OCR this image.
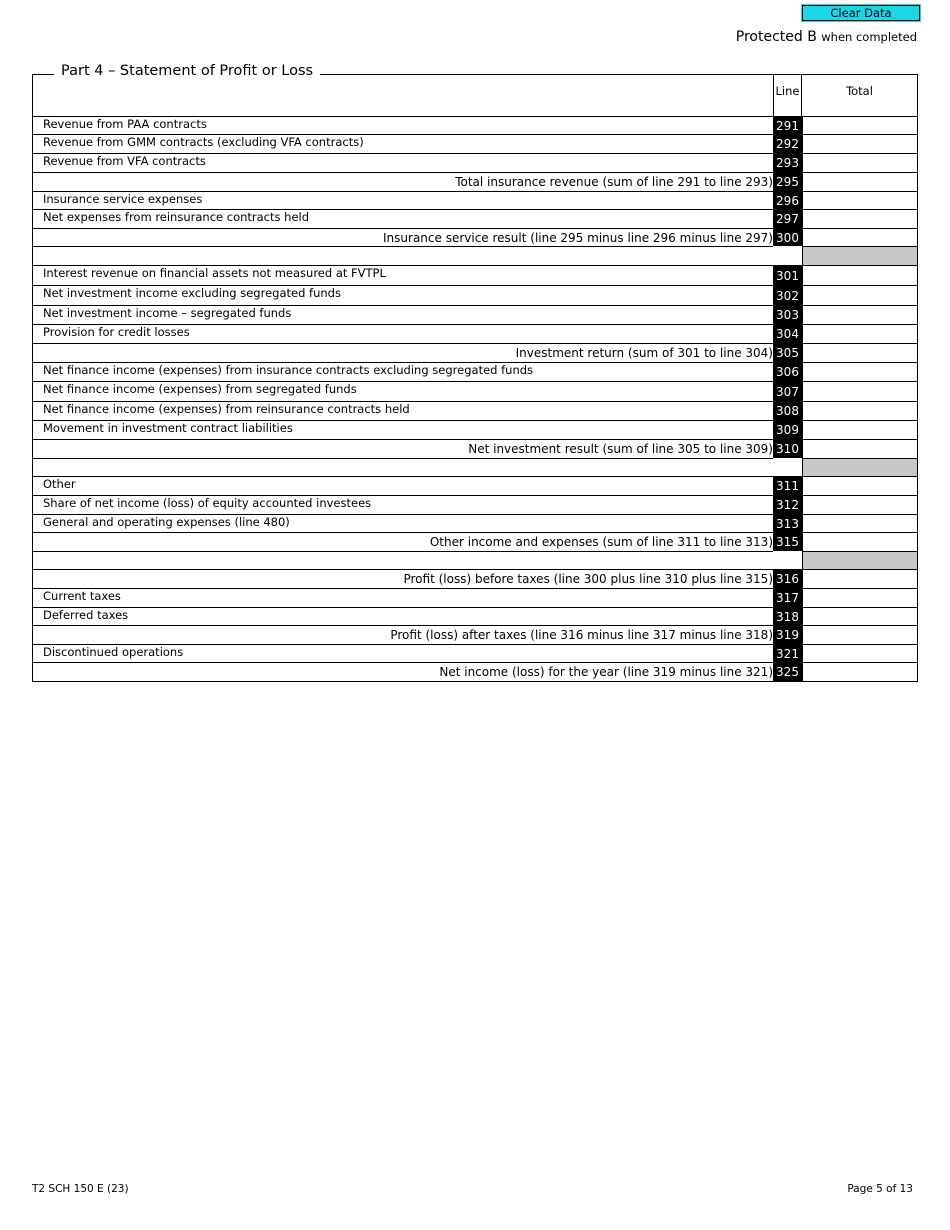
Clear Data
Protected B when completed
Part 4 – Statement of Profit or Loss
Line	Total
Revenue from PAA contracts	291
Revenue from GMM contracts (excluding VFA contracts)	292
Revenue from VFA contracts	293
Total insurance revenue (sum of line 291 to line 293) 295
Insurance service expenses	296
Net expenses from reinsurance contracts held	297
Insurance service result (line 295 minus line 296 minus line 297) 300
Interest revenue on financial assets not measured at FVTPL	301
Net investment income excluding segregated funds	302
Net investment income – segregated funds	303
Provision for credit losses	304
Investment return (sum of 301 to line 304) 305
Net finance income (expenses) from insurance contracts excluding segregated funds	306
Net finance income (expenses) from segregated funds	307
Net finance income (expenses) from reinsurance contracts held	308
Movement in investment contract liabilities	309
Net investment result (sum of line 305 to line 309) 310
Other	311
Share of net income (loss) of equity accounted investees	312
General and operating expenses (line 480)	313
Other income and expenses (sum of line 311 to line 313) 315
Profit (loss) before taxes (line 300 plus line 310 plus line 315) 316
Current taxes	317
Deferred taxes	318
Profit (loss) after taxes (line 316 minus line 317 minus line 318) 319
Discontinued operations	321
Net income (loss) for the year (line 319 minus line 321) 325
T2 SCH 150 E (23)	Page 5 of 13
